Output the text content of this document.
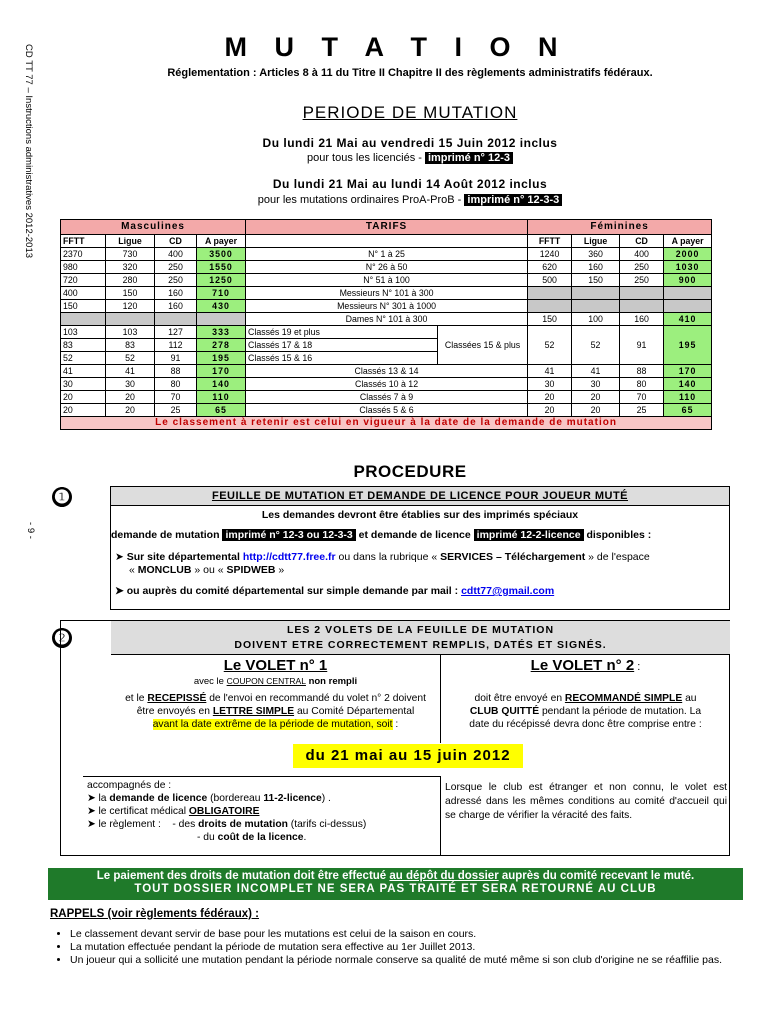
CD TT 77 – Instructions administratives 2012-2013
- 9 -
M U T A T I O N
Réglementation : Articles 8 à 11 du Titre II Chapitre II des règlements administratifs fédéraux.
PERIODE DE MUTATION
Du lundi 21 Mai au vendredi 15 Juin 2012 inclus
pour tous les licenciés - imprimé n° 12-3
Du lundi 21 Mai au lundi 14 Août 2012 inclus
pour les mutations ordinaires ProA-ProB - imprimé n° 12-3-3
Masculines				TARIFS		Féminines			
FFTT	Ligue	CD	A payer			FFTT	Ligue	CD	A payer
2370	730	400	3500	N° 1 à 25		1240	360	400	2000
980	320	250	1550	N° 26 à 50		620	160	250	1030
720	280	250	1250	N° 51 à 100		500	150	250	900
400	150	160	710	Messieurs N° 101 à 300					
150	120	160	430	Messieurs N° 301 à 1000					
				Dames N° 101 à 300		150	100	160	410
103	103	127	333	Classés 19 et plus	Classées 15 & plus	52	52	91	195
83	83	112	278	Classés 17 & 18					
52	52	91	195	Classés 15 & 16					
41	41	88	170	Classés 13 & 14		41	41	88	170
30	30	80	140	Classés 10 à 12		30	30	80	140
20	20	70	110	Classés 7 à 9		20	20	70	110
20	20	25	65	Classés 5 & 6		20	20	25	65
Le classement à retenir est celui en vigueur à la date de la demande de mutation									
PROCEDURE
❶	FEUILLE DE MUTATION ET DEMANDE DE LICENCE POUR JOUEUR MUTÉ
Les demandes devront être établies sur des imprimés spéciaux
demande de mutation imprimé n° 12-3 ou 12-3-3 et demande de licence imprimé 12-2-licence disponibles :
➤ Sur site départemental http://cdtt77.free.fr ou dans la rubrique « SERVICES – Téléchargement » de l'espace
« MONCLUB » ou « SPIDWEB »
➤ ou auprès du comité départemental sur simple demande par mail : cdtt77@gmail.com
❷	LES 2 VOLETS DE LA FEUILLE DE MUTATION
DOIVENT ETRE CORRECTEMENT REMPLIS, DATÉS ET SIGNÉS.
Le VOLET n° 1
avec le COUPON CENTRAL non rempli
et le RECEPISSÉ de l'envoi en recommandé du volet n° 2 doivent
être envoyés en LETTRE SIMPLE au Comité Départemental
avant la date extrême de la période de mutation, soit :
Le VOLET n° 2 :
doit être envoyé en RECOMMANDÉ SIMPLE au
CLUB QUITTÉ pendant la période de mutation. La
date du récépissé devra donc être comprise entre :
du 21 mai au 15 juin 2012
accompagnés de :
➤ la demande de licence (bordereau 11-2-licence) .
➤ le certificat médical OBLIGATOIRE
➤ le règlement : - des droits de mutation (tarifs ci-dessus)
- du coût de la licence.
Lorsque le club est étranger et non connu, le volet est adressé dans les mêmes conditions au comité d'accueil qui se charge de vérifier la véracité des faits.
Le paiement des droits de mutation doit être effectué au dépôt du dossier auprès du comité recevant le muté.
TOUT DOSSIER INCOMPLET NE SERA PAS TRAITÉ ET SERA RETOURNÉ AU CLUB
RAPPELS (voir règlements fédéraux) :
• Le classement devant servir de base pour les mutations est celui de la saison en cours.
• La mutation effectuée pendant la période de mutation sera effective au 1er Juillet 2013.
• Un joueur qui a sollicité une mutation pendant la période normale conserve sa qualité de muté même si son club d'origine ne se réaffilie pas.
